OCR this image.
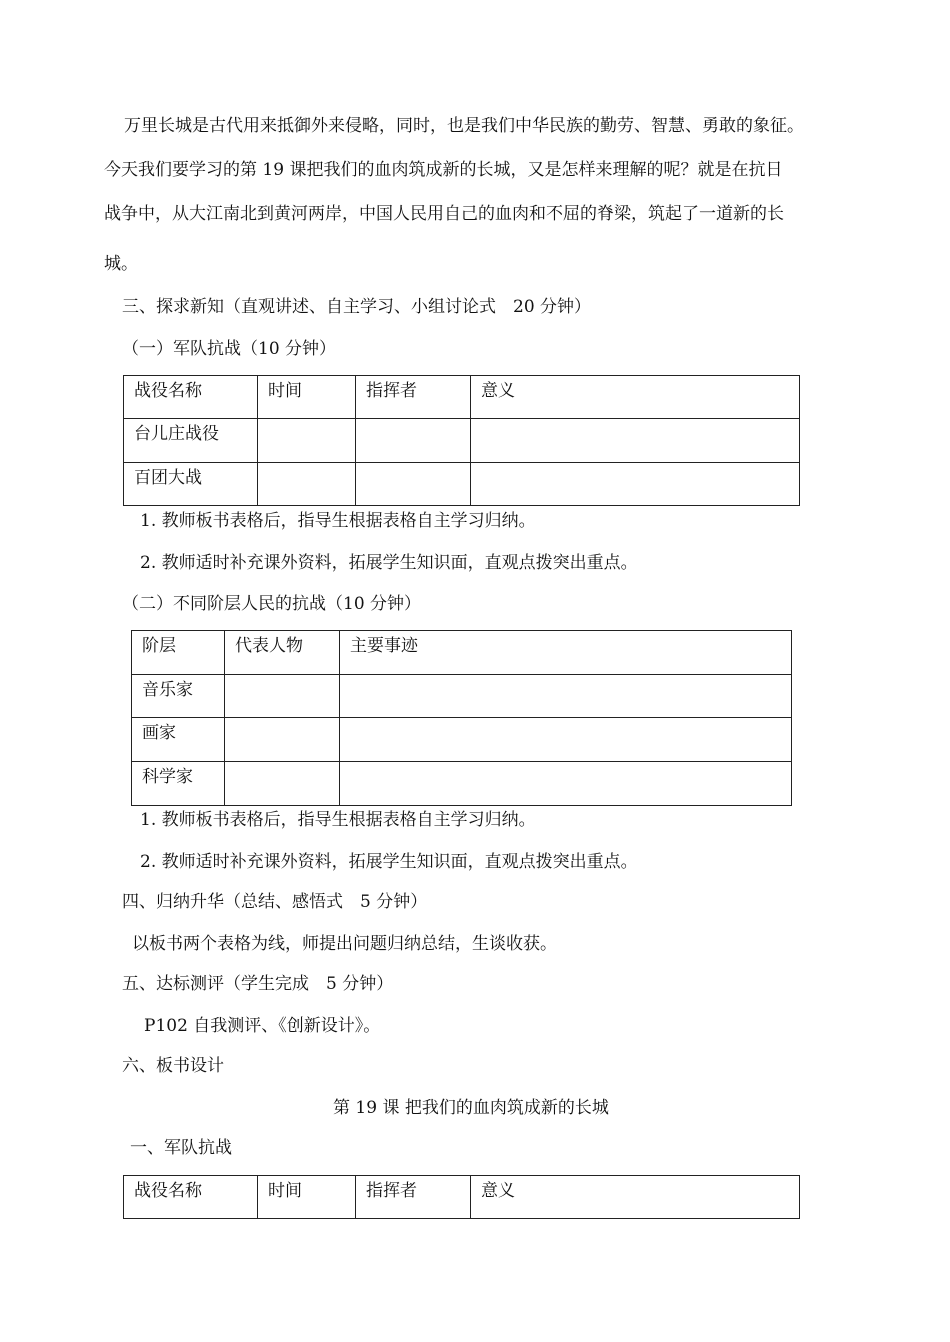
万里长城是古代用来抵御外来侵略，同时，也是我们中华民族的勤劳、智慧、勇敢的象征。
今天我们要学习的第 19 课把我们的血肉筑成新的长城，又是怎样来理解的呢？就是在抗日
战争中，从大江南北到黄河两岸，中国人民用自己的血肉和不屈的脊梁，筑起了一道新的长
城。
三、探求新知（直观讲述、自主学习、小组讨论式　20 分钟）
（一）军队抗战（10 分钟）
战役名称	时间	指挥者	意义
台儿庄战役			
百团大战			
1. 教师板书表格后，指导生根据表格自主学习归纳。
2. 教师适时补充课外资料，拓展学生知识面，直观点拨突出重点。
（二）不同阶层人民的抗战（10 分钟）
阶层	代表人物	主要事迹
音乐家		
画家		
科学家		
1. 教师板书表格后，指导生根据表格自主学习归纳。
2. 教师适时补充课外资料，拓展学生知识面，直观点拨突出重点。
四、归纳升华（总结、感悟式　5 分钟）
以板书两个表格为线，师提出问题归纳总结，生谈收获。
五、达标测评（学生完成　5 分钟）
P102 自我测评、《创新设计》。
六、板书设计
第 19 课 把我们的血肉筑成新的长城
一、军队抗战
战役名称	时间	指挥者	意义
